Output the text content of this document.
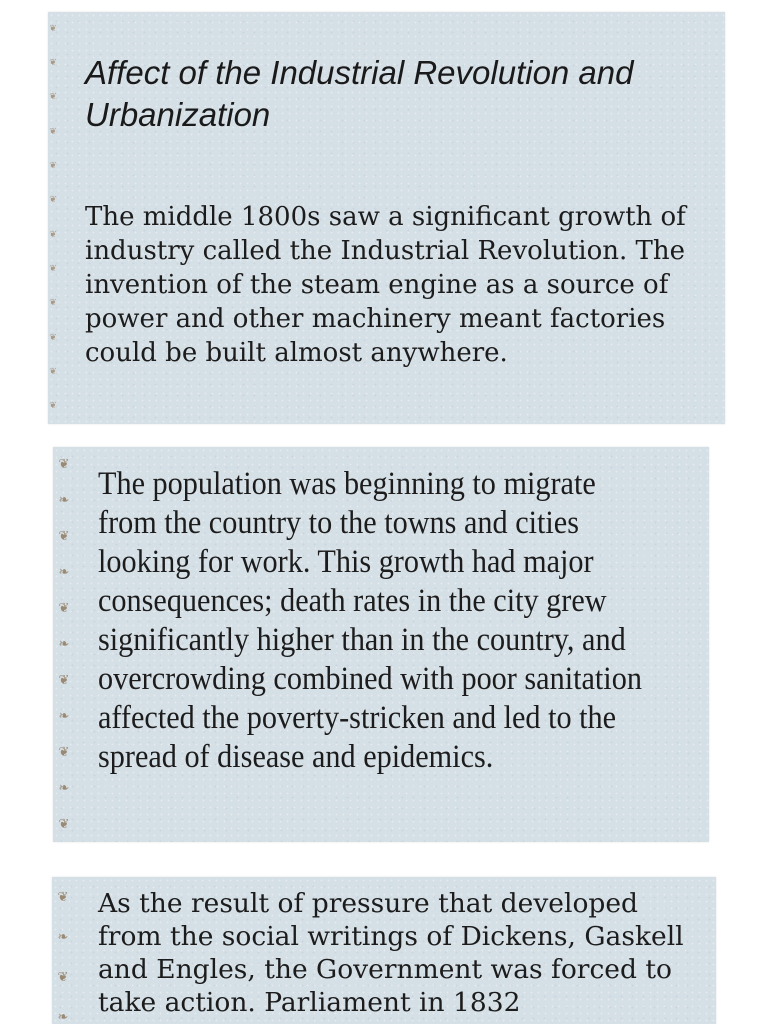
❦
❦
❦
❦
❦
❦
❦
❦
❦
❦
❦
❦
Affect of the Industrial Revolution and Urbanization

The middle 1800s saw a significant growth of industry called the Industrial Revolution. The invention of the steam engine as a source of power and other machinery meant factories could be built almost anywhere.

❦
❧
❦
❧
❦
❧
❦
❧
❦
❧
❦

The population was beginning to migrate from the country to the towns and cities looking for work. This growth had major consequences; death rates in the city grew significantly higher than in the country, and overcrowding combined with poor sanitation affected the poverty-stricken and led to the spread of disease and epidemics.

❦
❧
❦
❧

As the result of pressure that developed from the social writings of Dickens, Gaskell and Engles, the Government was forced to take action. Parliament in 1832
